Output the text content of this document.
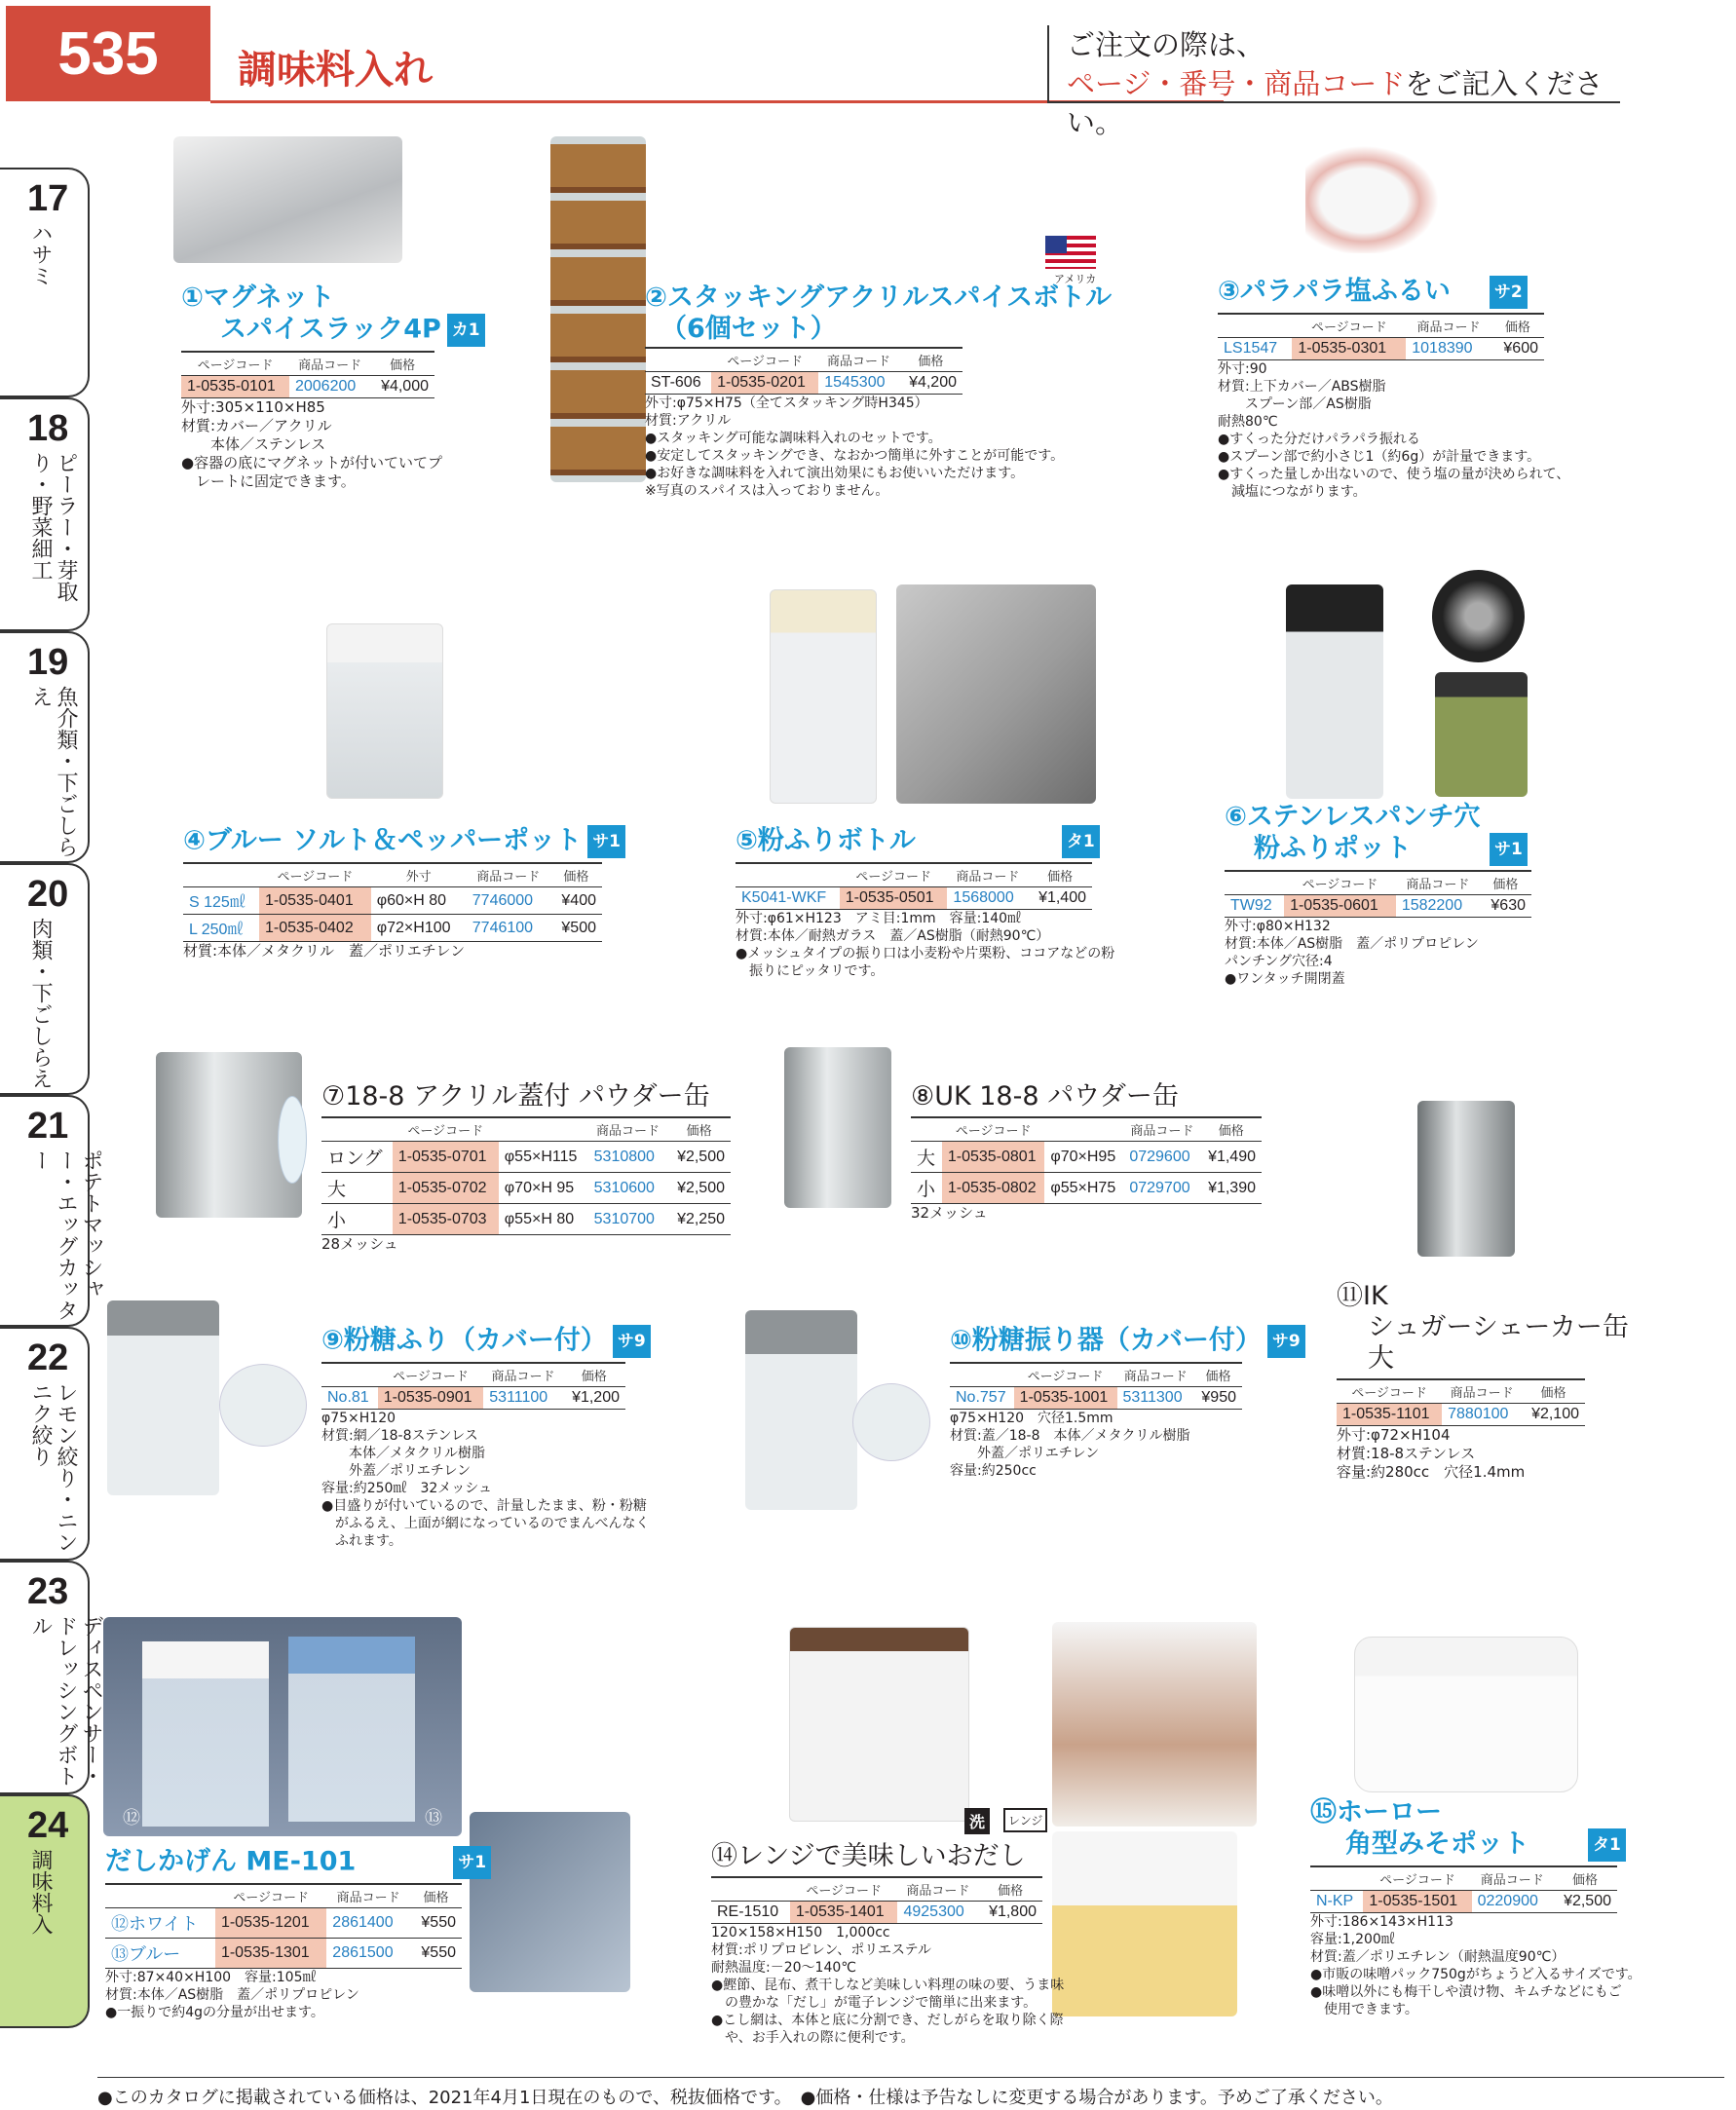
535	調味料入れ
ご注文の際は、
ページ・番号・商品コードをご記入ください。
17
ハサミ
18
ピーラー・芽取り・野菜細工
19
魚介類・下ごしらえ
20
肉類・下ごしらえ
21
ポテトマッシャー・エッグカッター
22
レモン絞り・ニンニク絞り
23
ディスペンサー・ドレッシングボトル
24
調味料入
①マグネット
スパイスラック4P カ1
ページコード	商品コード	価格
1-0535-0101	2006200	¥4,000
外寸:305×110×H85
材質:カバー／アクリル
　　本体／ステンレス
●容器の底にマグネットが付いていてプ
　レートに固定できます。
アメリカ
②スタッキングアクリルスパイスボトル
（6個セット）
	ページコード	商品コード	価格
ST-606	1-0535-0201	1545300	¥4,200
外寸:φ75×H75（全てスタッキング時H345）
材質:アクリル
●スタッキング可能な調味料入れのセットです。
●安定してスタッキングでき、なおかつ簡単に外すことが可能です。
●お好きな調味料を入れて演出効果にもお使いいただけます。
※写真のスパイスは入っておりません。
③パラパラ塩ふるい	サ2
	ページコード	商品コード	価格
LS1547	1-0535-0301	1018390	¥600
外寸:90
材質:上下カバー／ABS樹脂
　　スプーン部／AS樹脂
耐熱80℃
●すくった分だけパラパラ振れる
●スプーン部で約小さじ1（約6g）が計量できます。
●すくった量しか出ないので、使う塩の量が決められて、
　減塩につながります。
④ブルー ソルト＆ペッパーポット サ1
	ページコード	外寸	商品コード	価格
S 125㎖	1-0535-0401	φ60×H 80	7746000	¥400
L 250㎖	1-0535-0402	φ72×H100	7746100	¥500
材質:本体／メタクリル　蓋／ポリエチレン
⑤粉ふりボトル	タ1
	ページコード	商品コード	価格
K5041-WKF	1-0535-0501	1568000	¥1,400
外寸:φ61×H123　アミ目:1mm　容量:140㎖
材質:本体／耐熱ガラス　蓋／AS樹脂（耐熱90℃）
●メッシュタイプの振り口は小麦粉や片栗粉、ココアなどの粉
　振りにピッタリです。
⑥ステンレスパンチ穴
粉ふりポット	サ1
	ページコード	商品コード	価格
TW92	1-0535-0601	1582200	¥630
外寸:φ80×H132
材質:本体／AS樹脂　蓋／ポリプロピレン
パンチング穴径:4
●ワンタッチ開閉蓋
⑦18-8 アクリル蓋付 パウダー缶
	ページコード		商品コード	価格
ロング	1-0535-0701	φ55×H115	5310800	¥2,500
大	1-0535-0702	φ70×H 95	5310600	¥2,500
小	1-0535-0703	φ55×H 80	5310700	¥2,250
28メッシュ
⑧UK 18-8 パウダー缶
	ページコード		商品コード	価格
大	1-0535-0801	φ70×H95	0729600	¥1,490
小	1-0535-0802	φ55×H75	0729700	¥1,390
32メッシュ
⑨粉糖ふり（カバー付） サ9
	ページコード	商品コード	価格
No.81	1-0535-0901	5311100	¥1,200
φ75×H120
材質:網／18-8ステンレス
　　本体／メタクリル樹脂
　　外蓋／ポリエチレン
容量:約250㎖　32メッシュ
●目盛りが付いているので、計量したまま、粉・粉糖
　がふるえ、上面が網になっているのでまんべんなく
　ふれます。
⑩粉糖振り器（カバー付） サ9
	ページコード	商品コード	価格
No.757	1-0535-1001	5311300	¥950
φ75×H120　穴径1.5mm
材質:蓋／18-8　本体／メタクリル樹脂
　　外蓋／ポリエチレン
容量:約250cc
⑪IK
シュガーシェーカー缶
大
ページコード	商品コード	価格
1-0535-1101	7880100	¥2,100
外寸:φ72×H104
材質:18-8ステンレス
容量:約280cc　穴径1.4mm
⑫	⑬
だしかげん ME-101	サ1
	ページコード	商品コード	価格
⑫ホワイト	1-0535-1201	2861400	¥550
⑬ブルー	1-0535-1301	2861500	¥550
外寸:87×40×H100　容量:105㎖
材質:本体／AS樹脂　蓋／ポリプロピレン
●一振りで約4gの分量が出せます。
洗	レンジ
⑭レンジで美味しいおだし
	ページコード	商品コード	価格
RE-1510	1-0535-1401	4925300	¥1,800
120×158×H150　1,000cc
材質:ポリプロピレン、ポリエステル
耐熱温度:－20～140℃
●鰹節、昆布、煮干しなど美味しい料理の味の要、うま味
　の豊かな「だし」が電子レンジで簡単に出来ます。
●こし網は、本体と底に分割でき、だしがらを取り除く際
　や、お手入れの際に便利です。
⑮ホーロー
角型みそポット	タ1
	ページコード	商品コード	価格
N-KP	1-0535-1501	0220900	¥2,500
外寸:186×143×H113
容量:1,200㎖
材質:蓋／ポリエチレン（耐熱温度90℃）
●市販の味噌パック750gがちょうど入るサイズです。
●味噌以外にも梅干しや漬け物、キムチなどにもご
　使用できます。
●このカタログに掲載されている価格は、2021年4月1日現在のもので、税抜価格です。　●価格・仕様は予告なしに変更する場合があります。予めご了承ください。
